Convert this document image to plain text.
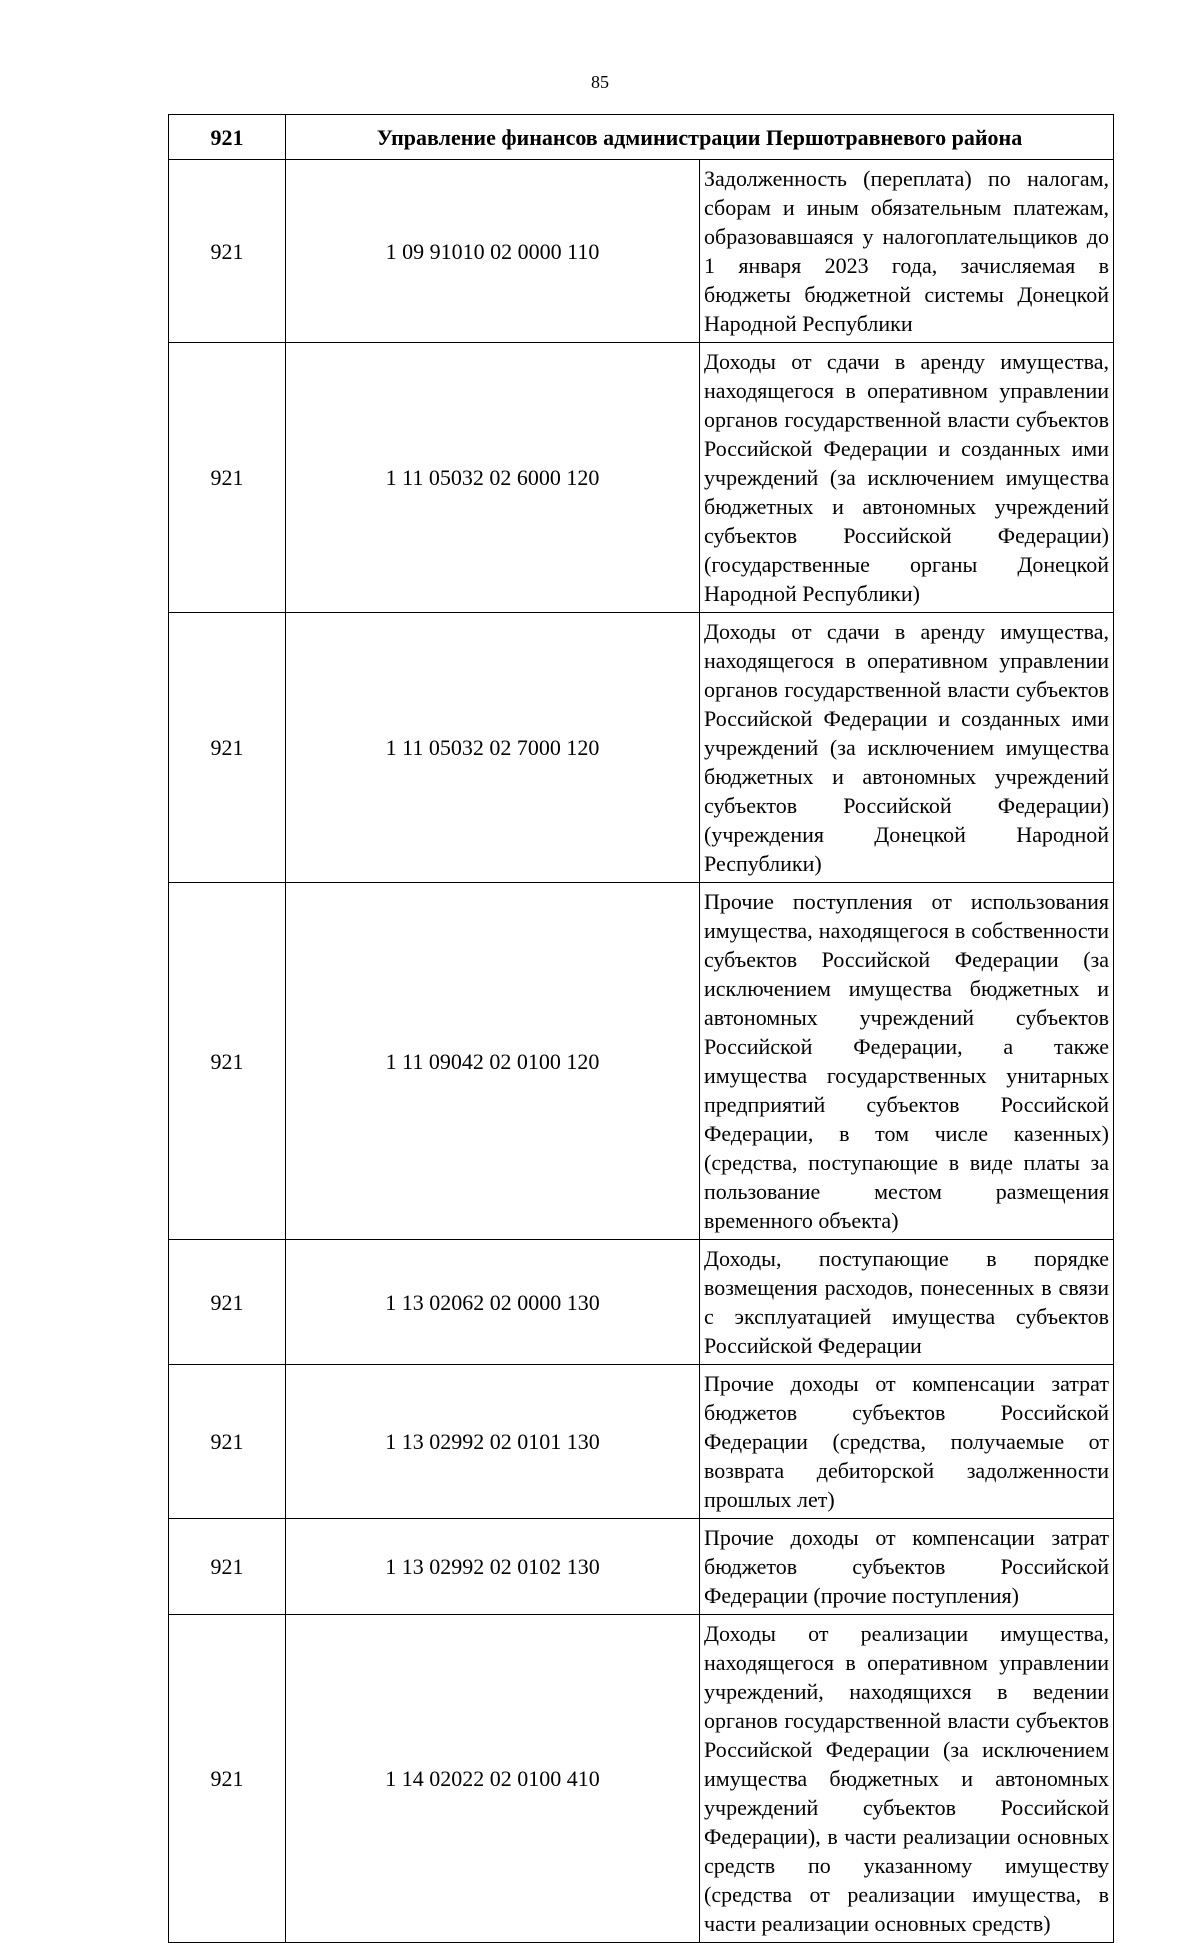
85
921	Управление финансов администрации Першотравневого района	
921	1 09 91010 02 0000 110	Задолженность (переплата) по налогам, сборам и иным обязательным платежам, образовавшаяся у налогоплательщиков до 1 января 2023 года, зачисляемая в бюджеты бюджетной системы Донецкой Народной Республики
921	1 11 05032 02 6000 120	Доходы от сдачи в аренду имущества, находящегося в оперативном управлении органов государственной власти субъектов Российской Федерации и созданных ими учреждений (за исключением имущества бюджетных и автономных учреждений субъектов Российской Федерации) (государственные органы Донецкой Народной Республики)
921	1 11 05032 02 7000 120	Доходы от сдачи в аренду имущества, находящегося в оперативном управлении органов государственной власти субъектов Российской Федерации и созданных ими учреждений (за исключением имущества бюджетных и автономных учреждений субъектов Российской Федерации) (учреждения Донецкой Народной Республики)
921	1 11 09042 02 0100 120	Прочие поступления от использования имущества, находящегося в собственности субъектов Российской Федерации (за исключением имущества бюджетных и автономных учреждений субъектов Российской Федерации, а также имущества государственных унитарных предприятий субъектов Российской Федерации, в том числе казенных) (средства, поступающие в виде платы за пользование местом размещения временного объекта)
921	1 13 02062 02 0000 130	Доходы, поступающие в порядке возмещения расходов, понесенных в связи с эксплуатацией имущества субъектов Российской Федерации
921	1 13 02992 02 0101 130	Прочие доходы от компенсации затрат бюджетов субъектов Российской Федерации (средства, получаемые от возврата дебиторской задолженности прошлых лет)
921	1 13 02992 02 0102 130	Прочие доходы от компенсации затрат бюджетов субъектов Российской Федерации (прочие поступления)
921	1 14 02022 02 0100 410	Доходы от реализации имущества, находящегося в оперативном управлении учреждений, находящихся в ведении органов государственной власти субъектов Российской Федерации (за исключением имущества бюджетных и автономных учреждений субъектов Российской Федерации), в части реализации основных средств по указанному имуществу (средства от реализации имущества, в части реализации основных средств)
